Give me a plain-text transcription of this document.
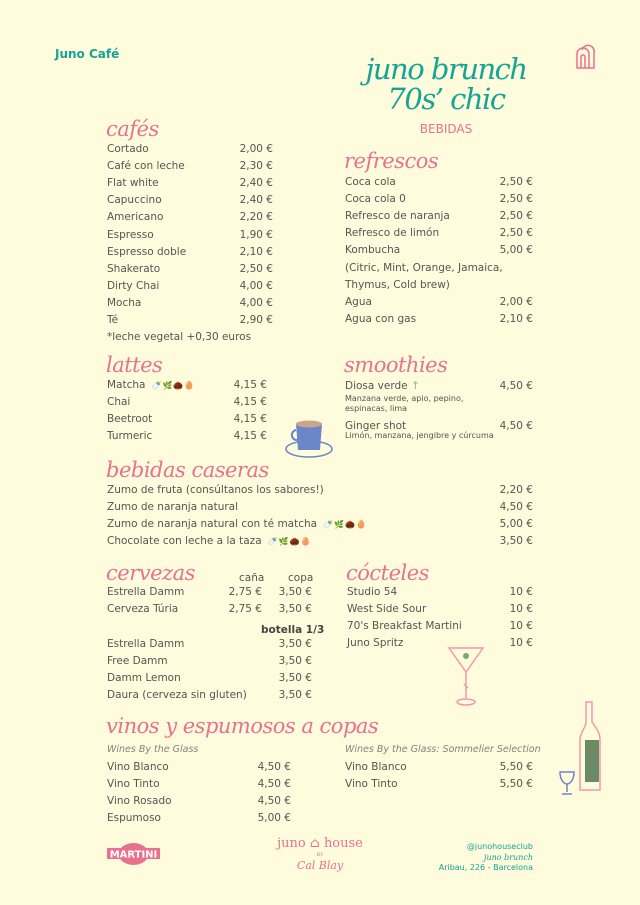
Juno Café	juno brunch
70s’ chic
BEBIDAS
cafés
Cortado	2,00 €
Café con leche	2,30 €
Flat white	2,40 €
Capuccino	2,40 €
Americano	2,20 €
Espresso	1,90 €
Espresso doble	2,10 €
Shakerato	2,50 €
Dirty Chai	4,00 €
Mocha	4,00 €
Té	2,90 €
*leche vegetal +0,30 euros
refrescos
Coca cola	2,50 €
Coca cola 0	2,50 €
Refresco de naranja	2,50 €
Refresco de limón	2,50 €
Kombucha	5,00 €
(Citric, Mint, Orange, Jamaica,
Thymus, Cold brew)
Agua	2,00 €
Agua con gas	2,10 €
lattes
Matcha 🍼🌿🌰🥚	4,15 €
Chai	4,15 €
Beetroot	4,15 €
Turmeric	4,15 €
smoothies
Diosa verde ↑	4,50 €
Manzana verde, apio, pepino, espinacas, lima
Ginger shot	4,50 €
Limón, manzana, jengibre y cúrcuma
bebidas caseras
Zumo de fruta (consúltanos los sabores!)	2,20 €
Zumo de naranja natural	4,50 €
Zumo de naranja natural con té matcha 🍼🌿🌰🥚	5,00 €
Chocolate con leche a la taza 🍼🌿🌰🥚	3,50 €
cervezas	caña copa
Estrella Damm	2,75 €	3,50 €
Cerveza Túria	2,75 €	3,50 €
botella 1/3
Estrella Damm	3,50 €
Free Damm	3,50 €
Damm Lemon	3,50 €
Daura (cerveza sin gluten)	3,50 €
cócteles
Studio 54	10 €
West Side Sour	10 €
70's Breakfast Martini	10 €
Juno Spritz	10 €
vinos y espumosos a copas
Wines By the Glass
Vino Blanco	4,50 €
Vino Tinto	4,50 €
Vino Rosado	4,50 €
Espumoso	5,00 €
Wines By the Glass: Sommelier Selection
Vino Blanco	5,50 €
Vino Tinto	5,50 €
MARTINI
juno ⌂ house
BY
Cal Blay
@junohouseclub
juno brunch
Aribau, 226 - Barcelona
